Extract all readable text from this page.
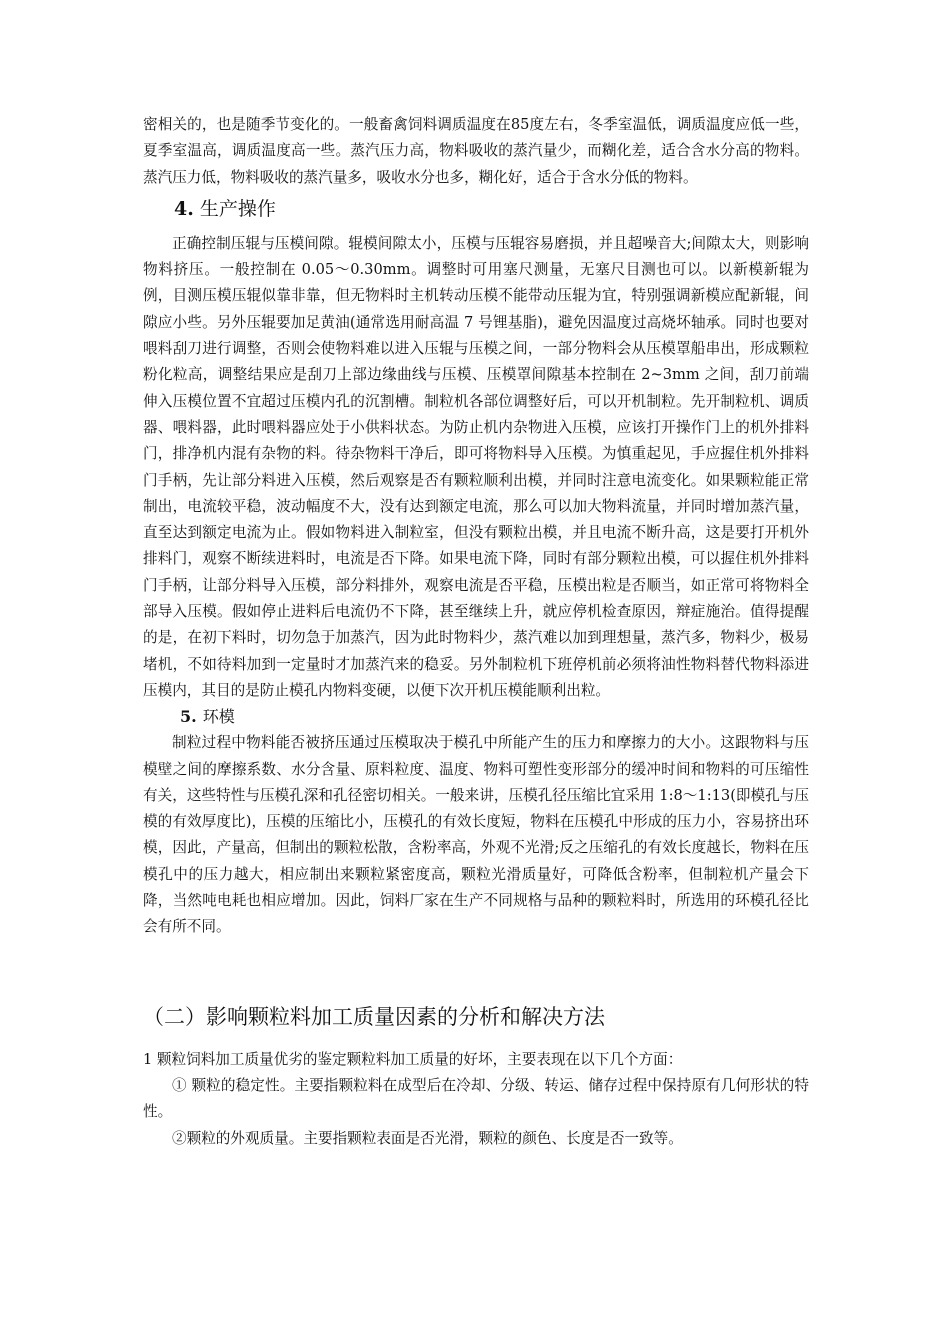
密相关的，也是随季节变化的。一般畜禽饲料调质温度在85度左右，冬季室温低，调质温度应低一些，夏季室温高，调质温度高一些。蒸汽压力高，物料吸收的蒸汽量少，而糊化差，适合含水分高的物料。蒸汽压力低，物料吸收的蒸汽量多，吸收水分也多，糊化好，适合于含水分低的物料。

4. 生产操作

正确控制压辊与压模间隙。辊模间隙太小，压模与压辊容易磨损，并且超噪音大;间隙太大，则影响物料挤压。一般控制在 0.05～0.30mm。调整时可用塞尺测量，无塞尺目测也可以。以新模新辊为例，目测压模压辊似靠非靠，但无物料时主机转动压模不能带动压辊为宜，特别强调新模应配新辊，间隙应小些。另外压辊要加足黄油(通常选用耐高温 7 号锂基脂)，避免因温度过高烧坏轴承。同时也要对喂料刮刀进行调整，否则会使物料难以进入压辊与压模之间，一部分物料会从压模罩船串出，形成颗粒粉化粒高，调整结果应是刮刀上部边缘曲线与压模、压模罩间隙基本控制在 2~3mm 之间，刮刀前端伸入压模位置不宜超过压模内孔的沉割槽。制粒机各部位调整好后，可以开机制粒。先开制粒机、调质器、喂料器，此时喂料器应处于小供料状态。为防止机内杂物进入压模，应该打开操作门上的机外排料门，排净机内混有杂物的料。待杂物料干净后，即可将物料导入压模。为慎重起见，手应握住机外排料门手柄，先让部分料进入压模，然后观察是否有颗粒顺利出模，并同时注意电流变化。如果颗粒能正常制出，电流较平稳，波动幅度不大，没有达到额定电流，那么可以加大物料流量，并同时增加蒸汽量，直至达到额定电流为止。假如物料进入制粒室，但没有颗粒出模，并且电流不断升高，这是要打开机外排料门，观察不断续进料时，电流是否下降。如果电流下降，同时有部分颗粒出模，可以握住机外排料门手柄，让部分料导入压模，部分料排外，观察电流是否平稳，压模出粒是否顺当，如正常可将物料全部导入压模。假如停止进料后电流仍不下降，甚至继续上升，就应停机检查原因，辩症施治。值得提醒的是，在初下料时，切勿急于加蒸汽，因为此时物料少，蒸汽难以加到理想量，蒸汽多，物料少，极易堵机，不如待料加到一定量时才加蒸汽来的稳妥。另外制粒机下班停机前必须将油性物料替代物料添进压模内，其目的是防止模孔内物料变硬，以便下次开机压模能顺利出粒。

5. 环模

制粒过程中物料能否被挤压通过压模取决于模孔中所能产生的压力和摩擦力的大小。这跟物料与压模壁之间的摩擦系数、水分含量、原料粒度、温度、物料可塑性变形部分的缓冲时间和物料的可压缩性有关，这些特性与压模孔深和孔径密切相关。一般来讲，压模孔径压缩比宜采用 1:8～1:13(即模孔与压模的有效厚度比)，压模的压缩比小，压模孔的有效长度短，物料在压模孔中形成的压力小，容易挤出环模，因此，产量高，但制出的颗粒松散，含粉率高，外观不光滑;反之压缩孔的有效长度越长，物料在压模孔中的压力越大，相应制出来颗粒紧密度高，颗粒光滑质量好，可降低含粉率，但制粒机产量会下降，当然吨电耗也相应增加。因此，饲料厂家在生产不同规格与品种的颗粒料时，所选用的环模孔径比会有所不同。

（二）影响颗粒料加工质量因素的分析和解决方法

1 颗粒饲料加工质量优劣的鉴定颗粒料加工质量的好坏，主要表现在以下几个方面：

① 颗粒的稳定性。主要指颗粒料在成型后在冷却、分级、转运、储存过程中保持原有几何形状的特性。

②颗粒的外观质量。主要指颗粒表面是否光滑，颗粒的颜色、长度是否一致等。
